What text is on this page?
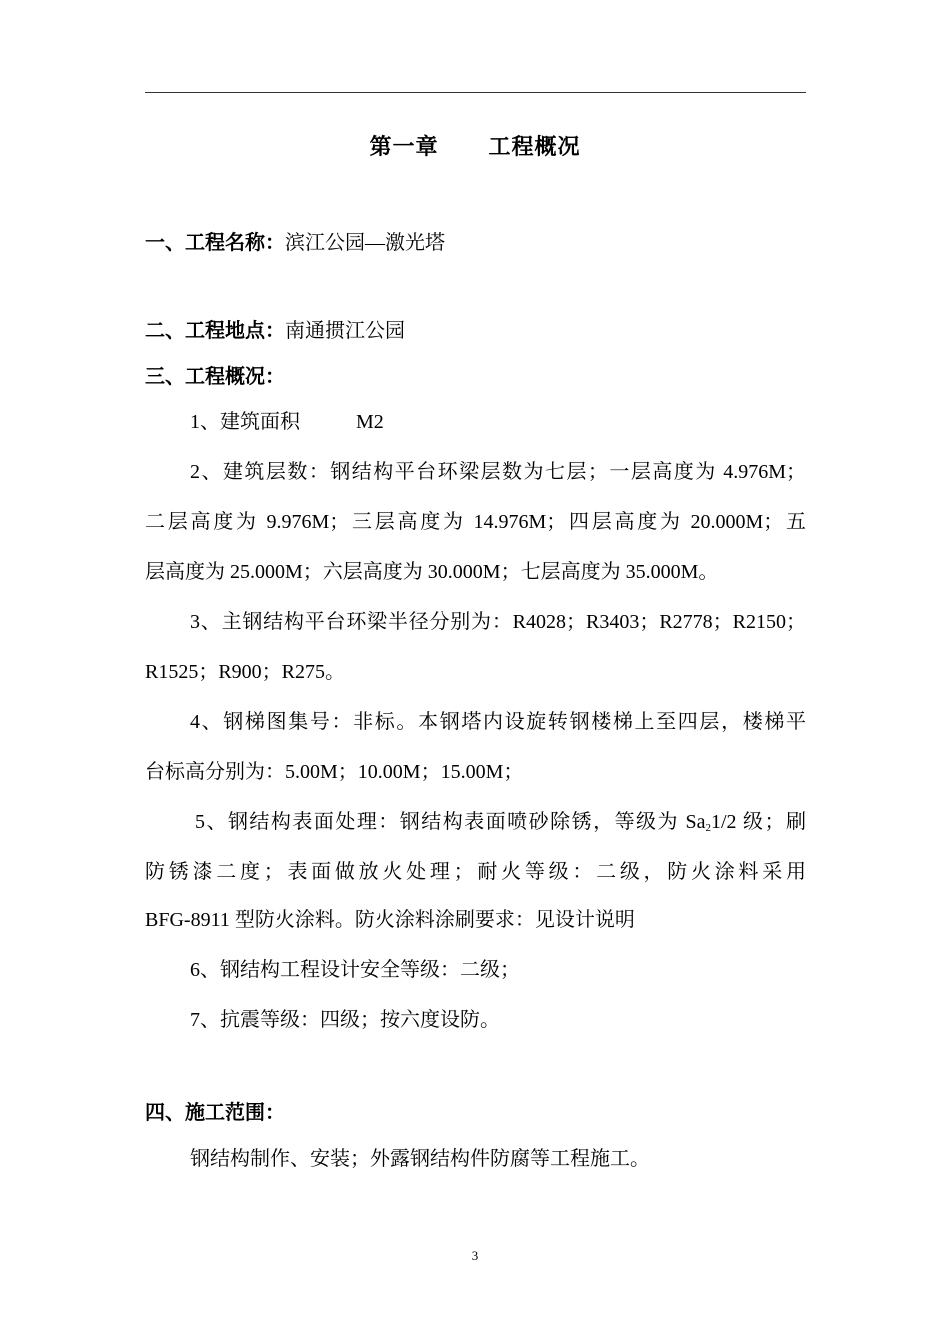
第一章 工程概况
一、工程名称：滨江公园—激光塔
二、工程地点：南通掼江公园
三、工程概况：
1、建筑面积	M2
2、建筑层数：钢结构平台环梁层数为七层；一层高度为 4.976M；
二层高度为 9.976M；三层高度为 14.976M；四层高度为 20.000M；五
层高度为 25.000M；六层高度为 30.000M；七层高度为 35.000M。
3、主钢结构平台环梁半径分别为：R4028；R3403；R2778；R2150；
R1525；R900；R275。
4、钢梯图集号：非标。本钢塔内设旋转钢楼梯上至四层，楼梯平
台标高分别为：5.00M；10.00M；15.00M；
5、钢结构表面处理：钢结构表面喷砂除锈，等级为 $Sa_21/2$ 级；刷
防锈漆二度；表面做放火处理；耐火等级：二级，防火涂料采用
BFG-8911 型防火涂料。防火涂料涂刷要求：见设计说明
6、钢结构工程设计安全等级：二级；
7、抗震等级：四级；按六度设防。
四、施工范围：
钢结构制作、安装；外露钢结构件防腐等工程施工。
3
